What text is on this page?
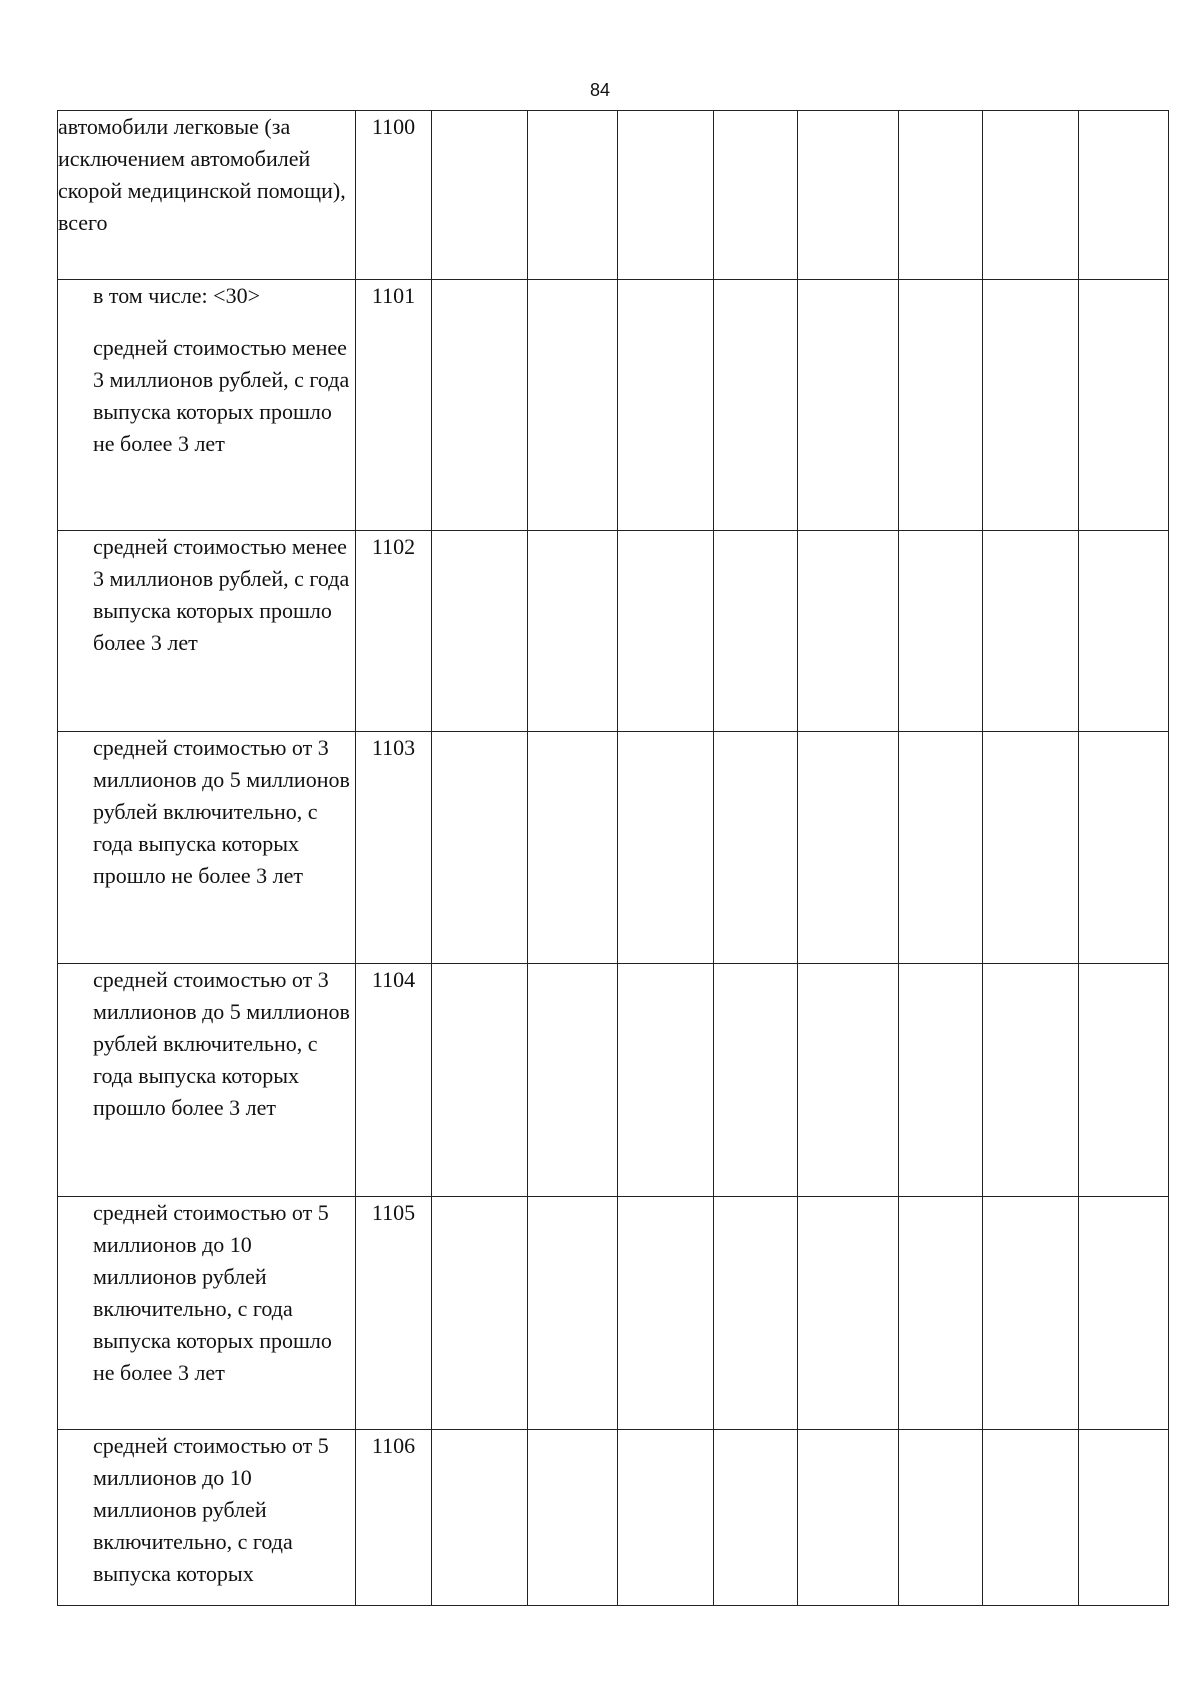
84
автомобили легковые (за исключением автомобилей скорой медицинской помощи), всего	1100								

в том числе: <30>
средней стоимостью менее 3 миллионов рублей, с года выпуска которых прошло не более 3 лет	1101								
средней стоимостью менее 3 миллионов рублей, с года выпуска которых прошло более 3 лет	1102								
средней стоимостью от 3 миллионов до 5 миллионов рублей включительно, с года выпуска которых прошло не более 3 лет	1103								
средней стоимостью от 3 миллионов до 5 миллионов рублей включительно, с года выпуска которых прошло более 3 лет	1104								
средней стоимостью от 5 миллионов до 10 миллионов рублей включительно, с года выпуска которых прошло не более 3 лет	1105								
средней стоимостью от 5 миллионов до 10 миллионов рублей включительно, с года выпуска которых	1106								
